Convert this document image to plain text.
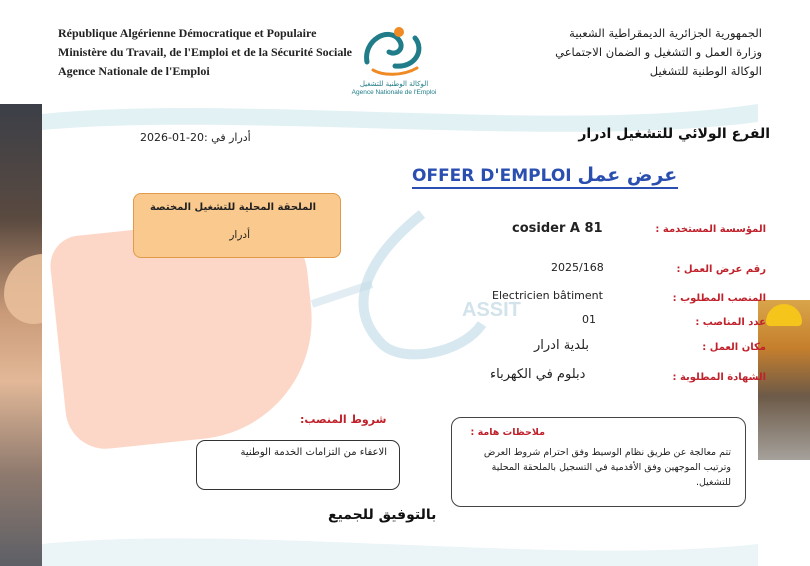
République Algérienne Démocratique et Populaire
Ministère du Travail, de l'Emploi et de la Sécurité Sociale
Agence Nationale de l'Emploi
الوكالة الوطنية للتشغيل
Agence Nationale de l'Emploi
الجمهورية الجزائرية الديمقراطية الشعبية
وزارة العمل و التشغيل و الضمان الاجتماعي
الوكالة الوطنية للتشغيل
ASSIT
الفرع الولائي للتشغيل ادرار
أدرار في :20-01-2026
OFFER D'EMPLOI عرض عمل
الملحقة المحلية للتشغيل المختصة
أدرار	المؤسسة المستخدمة :
cosider A 81
رقم عرض العمل :
2025/168
المنصب المطلوب :
Electricien bâtiment
عدد المناصب :
01
مكان العمل :
بلدية ادرار
الشهادة المطلوبة :
دبلوم في الكهرباء
شروط المنصب:
الاعفاء من التزامات الخدمة الوطنية
ملاحظات هامة :
تتم معالجة عن طريق نظام الوسيط وفق احترام شروط العرض وترتيب الموجهين وفق الأقدمية في التسجيل بالملحقة المحلية للتشغيل.
بالتوفيق للجميع
